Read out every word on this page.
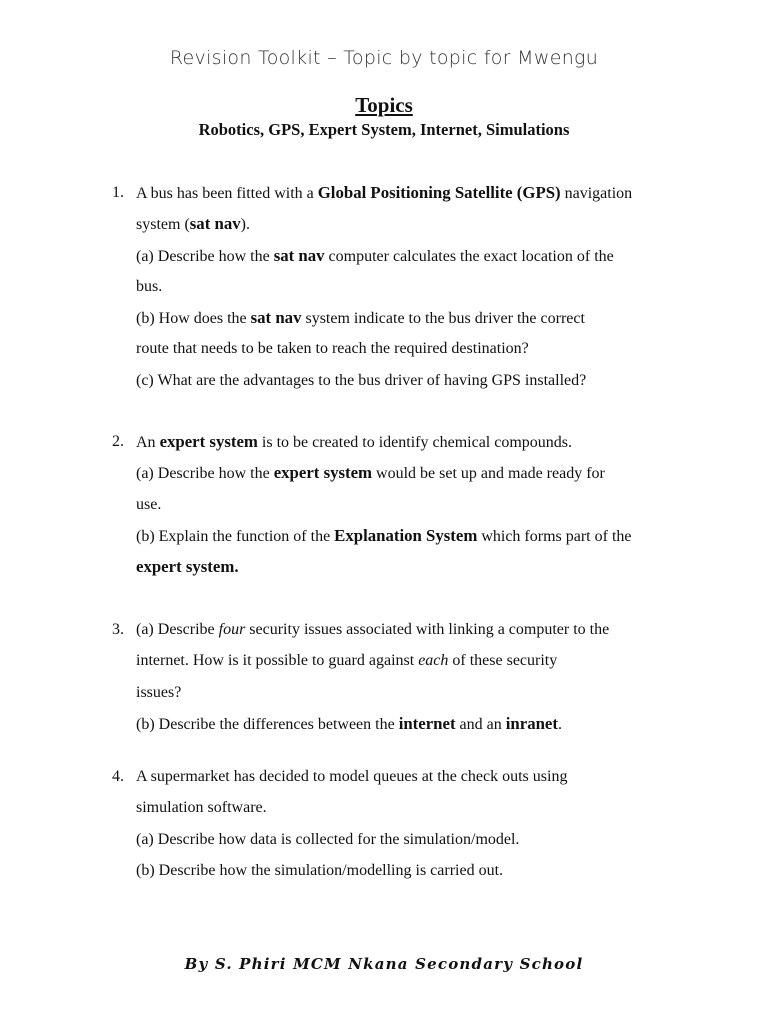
Revision Toolkit – Topic by topic for Mwengu
Topics
Robotics, GPS, Expert System, Internet, Simulations
1. A bus has been fitted with a Global Positioning Satellite (GPS) navigation
system (sat nav).
(a) Describe how the sat nav computer calculates the exact location of the
bus.
(b) How does the sat nav system indicate to the bus driver the correct
route that needs to be taken to reach the required destination?
(c) What are the advantages to the bus driver of having GPS installed?
2. An expert system is to be created to identify chemical compounds.
(a) Describe how the expert system would be set up and made ready for
use.
(b) Explain the function of the Explanation System which forms part of the
expert system.
3. (a) Describe four security issues associated with linking a computer to the
internet. How is it possible to guard against each of these security
issues?
(b) Describe the differences between the internet and an inranet.
4. A supermarket has decided to model queues at the check outs using
simulation software.
(a) Describe how data is collected for the simulation/model.
(b) Describe how the simulation/modelling is carried out.
By S. Phiri MCM Nkana Secondary School
